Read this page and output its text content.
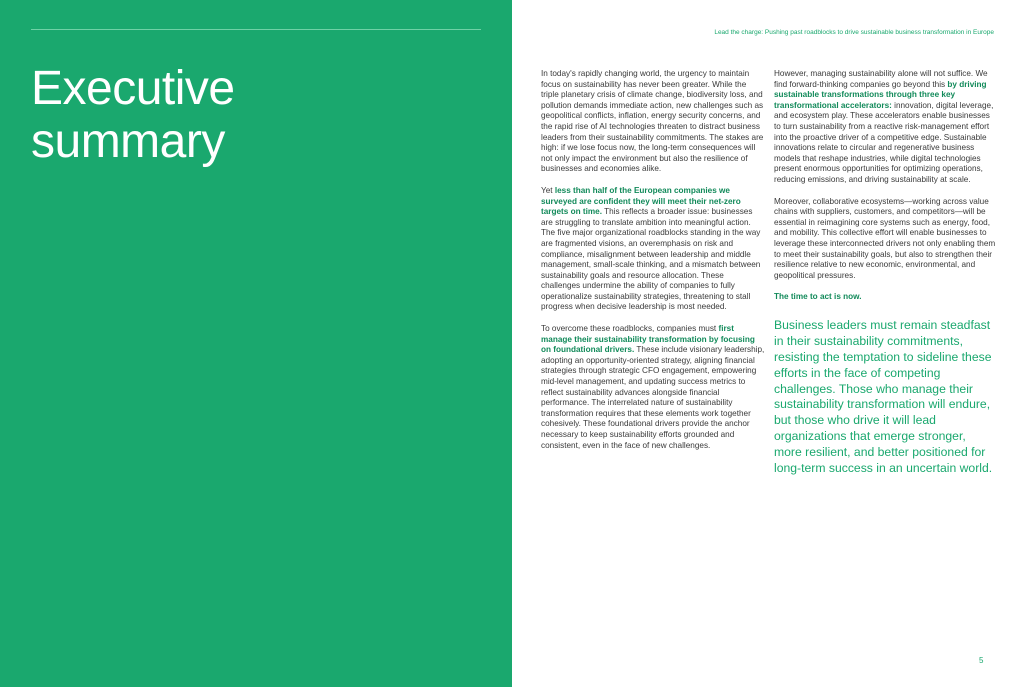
Executive
summary
Lead the charge: Pushing past roadblocks to drive sustainable business transformation in Europe

In today's rapidly changing world, the urgency to maintain focus on sustainability has never been greater. While the triple planetary crisis of climate change, biodiversity loss, and pollution demands immediate action, new challenges such as geopolitical conflicts, inflation, energy security concerns, and the rapid rise of AI technologies threaten to distract business leaders from their sustainability commitments. The stakes are high: if we lose focus now, the long-term consequences will not only impact the environment but also the resilience of businesses and economies alike.

Yet less than half of the European companies we surveyed are confident they will meet their net-zero targets on time. This reflects a broader issue: businesses are struggling to translate ambition into meaningful action. The five major organizational roadblocks standing in the way are fragmented visions, an overemphasis on risk and compliance, misalignment between leadership and middle management, small-scale thinking, and a mismatch between sustainability goals and resource allocation. These challenges undermine the ability of companies to fully operationalize sustainability strategies, threatening to stall progress when decisive leadership is most needed.

To overcome these roadblocks, companies must first manage their sustainability transformation by focusing on foundational drivers. These include visionary leadership, adopting an opportunity-oriented strategy, aligning financial strategies through strategic CFO engagement, empowering mid-level management, and updating success metrics to reflect sustainability advances alongside financial performance. The interrelated nature of sustainability transformation requires that these elements work together cohesively. These foundational drivers provide the anchor necessary to keep sustainability efforts grounded and consistent, even in the face of new challenges.

However, managing sustainability alone will not suffice. We find forward-thinking companies go beyond this by driving sustainable transformations through three key transformational accelerators: innovation, digital leverage, and ecosystem play. These accelerators enable businesses to turn sustainability from a reactive risk-management effort into the proactive driver of a competitive edge. Sustainable innovations relate to circular and regenerative business models that reshape industries, while digital technologies present enormous opportunities for optimizing operations, reducing emissions, and driving sustainability at scale.

Moreover, collaborative ecosystems—working across value chains with suppliers, customers, and competitors—will be essential in reimagining core systems such as energy, food, and mobility. This collective effort will enable businesses to leverage these interconnected drivers not only enabling them to meet their sustainability goals, but also to strengthen their resilience relative to new economic, environmental, and geopolitical pressures.

The time to act is now.

Business leaders must remain steadfast in their sustainability commitments, resisting the temptation to sideline these efforts in the face of competing challenges. Those who manage their sustainability transformation will endure, but those who drive it will lead organizations that emerge stronger, more resilient, and better positioned for long-term success in an uncertain world.

5
